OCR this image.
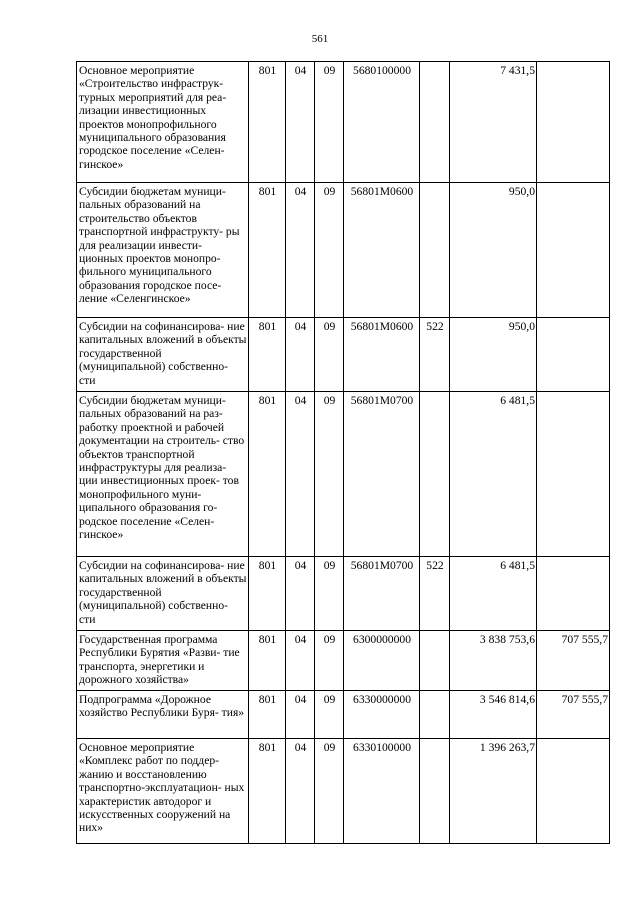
561
Основное мероприятие «Строительство инфраструк- турных мероприятий для реа- лизации инвестиционных проектов монопрофильного муниципального образования городское поселение «Селен- гинское»	801	04	09	5680100000		7 431,5	
Субсидии бюджетам муници- пальных образований на строительство объектов транспортной инфраструкту- ры для реализации инвести- ционных проектов монопро- фильного муниципального образования городское посе- ление «Селенгинское»	801	04	09	56801М0600		950,0	
Субсидии на софинансирова- ние капитальных вложений в объекты государственной (муниципальной) собственно- сти	801	04	09	56801М0600	522	950,0	
Субсидии бюджетам муници- пальных образований на раз- работку проектной и рабочей документации на строитель- ство объектов транспортной инфраструктуры для реализа- ции инвестиционных проек- тов монопрофильного муни- ципального образования го- родское поселение «Селен- гинское»	801	04	09	56801М0700		6 481,5	
Субсидии на софинансирова- ние капитальных вложений в объекты государственной (муниципальной) собственно- сти	801	04	09	56801М0700	522	6 481,5	
Государственная программа Республики Бурятия «Разви- тие транспорта, энергетики и дорожного хозяйства»	801	04	09	6300000000		3 838 753,6	707 555,7
Подпрограмма «Дорожное хозяйство Республики Буря- тия»	801	04	09	6330000000		3 546 814,6	707 555,7
Основное мероприятие «Комплекс работ по поддер- жанию и восстановлению транспортно-эксплуатацион- ных характеристик автодорог и искусственных сооружений на них»	801	04	09	6330100000		1 396 263,7	
